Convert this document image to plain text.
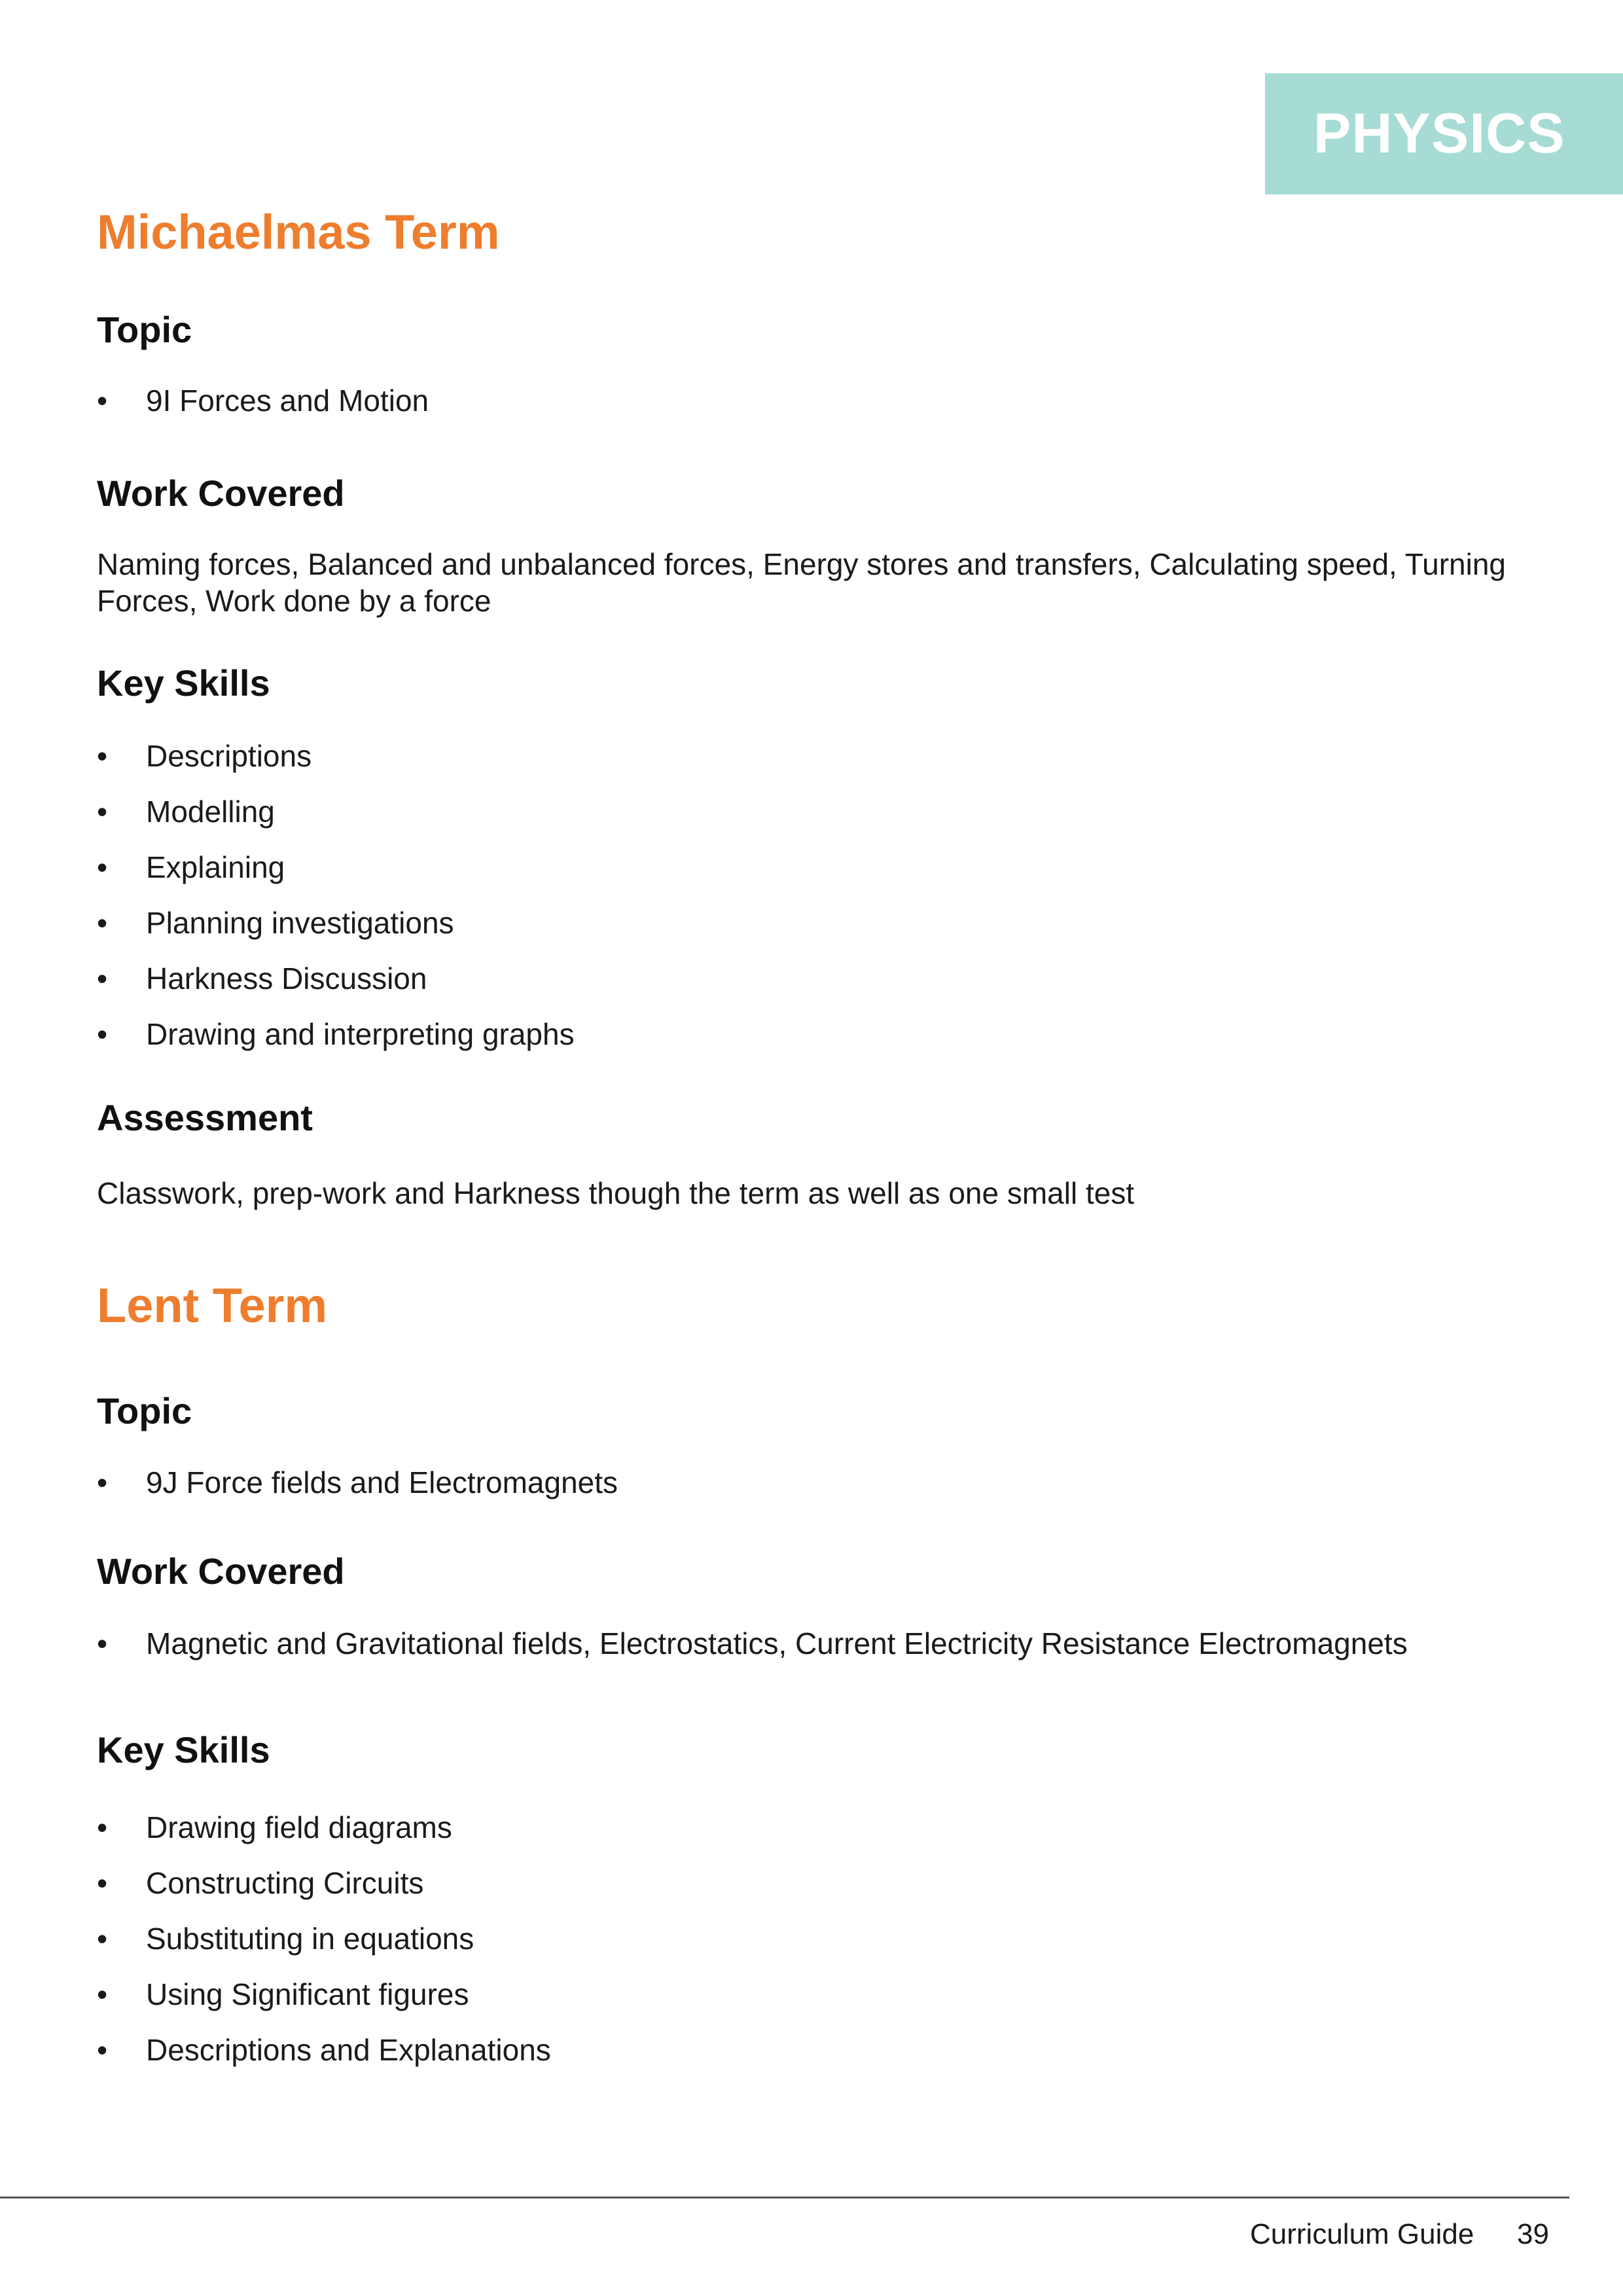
PHYSICS
Michaelmas Term
Topic
•	9I Forces and Motion
Work Covered

Naming forces, Balanced and unbalanced forces, Energy stores and transfers, Calculating speed, Turning Forces, Work done by a force

Key Skills
•	Descriptions
•	Modelling
•	Explaining
•	Planning investigations
•	Harkness Discussion
•	Drawing and interpreting graphs
Assessment

Classwork, prep-work and Harkness though the term as well as one small test

Lent Term
Topic
•	9J Force fields and Electromagnets
Work Covered
•	Magnetic and Gravitational fields, Electrostatics, Current Electricity Resistance Electromagnets
Key Skills
•	Drawing field diagrams
•	Constructing Circuits
•	Substituting in equations
•	Using Significant figures
•	Descriptions and Explanations
Curriculum Guide 39
